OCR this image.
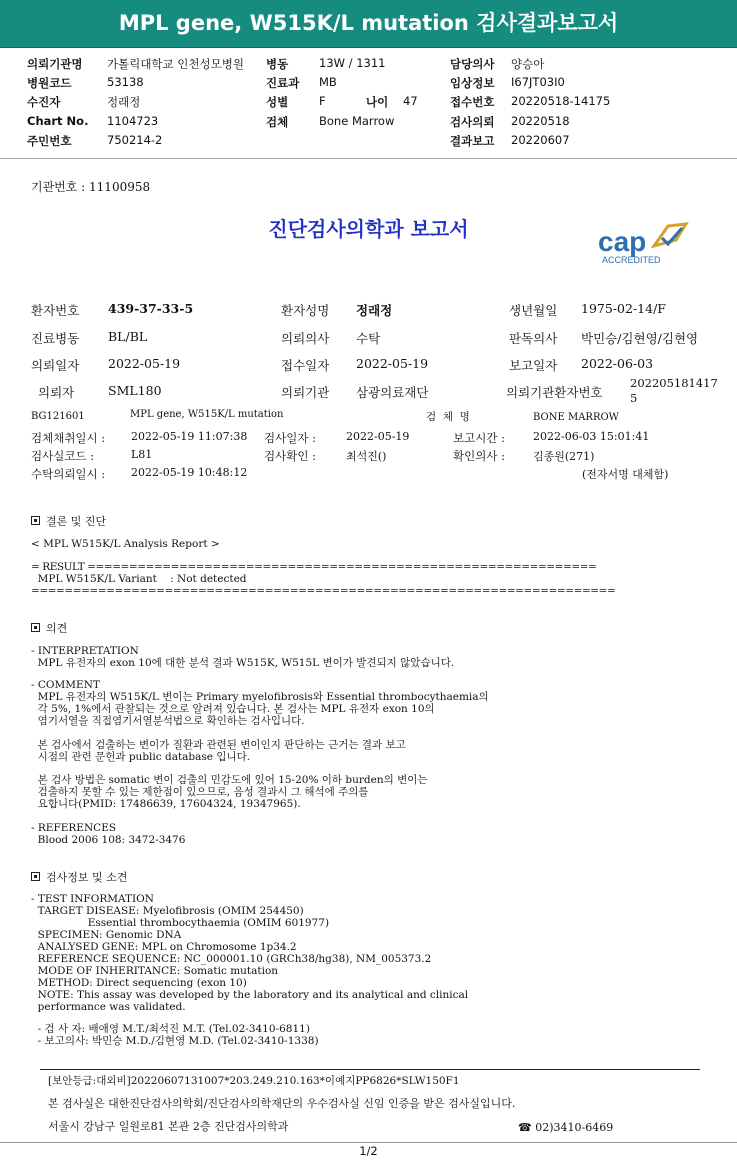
MPL gene, W515K/L mutation 검사결과보고서
의뢰기관명 가톨릭대학교 인천성모병원 병동	13W / 1311	담당의사 양승아
병원코드	53138	진료과 MB	임상정보 I67JT03I0
수진자	정래정	성별	F	나이 47	접수번호 20220518-14175
Chart No. 1104723	검체	Bone Marrow	검사의뢰 20220518
주민번호	750214-2	결과보고 20220607
기관번호 : 11100958
진단검사의학과 보고서	cap
ACCREDITED
환자번호 439-37-33-5	환자성명 정래정	생년월일 1975-02-14/F
진료병동 BL/BL	의뢰의사 수탁	판독의사 박민승/김현영/김현영
의뢰일자 2022-05-19	접수일자 2022-05-19	보고일자 2022-06-03
의뢰자	SML180	의뢰기관 삼광의료재단	의뢰기관환자번호
202205181417
5
BG121601	MPL gene, W515K/L mutation	검  체  명	BONE MARROW
검체채취일시 : 2022-05-19 11:07:38 검사일자 :	2022-05-19	보고시간 :	2022-06-03 15:01:41
검사실코드 :	L81	검사확인 :	최석진()	확인의사 :	김종원(271)
수탁의뢰일시 : 2022-05-19 10:48:12	(전자서명 대체함)
결론 및 진단
< MPL W515K/L Analysis Report >
= RESULT =============================================================
MPL W515K/L Variant    : Not detected
======================================================================
의견
- INTERPRETATION
MPL 유전자의 exon 10에 대한 분석 결과 W515K, W515L 변이가 발견되지 않았습니다.
- COMMENT
MPL 유전자의 W515K/L 변이는 Primary myelofibrosis와 Essential thrombocythaemia의
각 5%, 1%에서 관찰되는 것으로 알려져 있습니다. 본 검사는 MPL 유전자 exon 10의
염기서열을 직접염기서열분석법으로 확인하는 검사입니다.
본 검사에서 검출하는 변이가 질환과 관련된 변이인지 판단하는 근거는 결과 보고
시점의 관련 문헌과 public database 입니다.
본 검사 방법은 somatic 변이 검출의 민감도에 있어 15-20% 이하 burden의 변이는
검출하지 못할 수 있는 제한점이 있으므로, 음성 결과시 그 해석에 주의를
요합니다(PMID: 17486639, 17604324, 19347965).
- REFERENCES
Blood 2006 108: 3472-3476
검사정보 및 소견
- TEST INFORMATION
TARGET DISEASE: Myelofibrosis (OMIM 254450)
Essential thrombocythaemia (OMIM 601977)
SPECIMEN: Genomic DNA
ANALYSED GENE: MPL on Chromosome 1p34.2
REFERENCE SEQUENCE: NC_000001.10 (GRCh38/hg38), NM_005373.2
MODE OF INHERITANCE: Somatic mutation
METHOD: Direct sequencing (exon 10)
NOTE: This assay was developed by the laboratory and its analytical and clinical
performance was validated.
- 검 사 자: 배애영 M.T./최석진 M.T. (Tel.02-3410-6811)
- 보고의사: 박민승 M.D./김현영 M.D. (Tel.02-3410-1338)
[보안등급:대외비]20220607131007*203.249.210.163*이예지PP6826*SLW150F1
본 검사실은 대한진단검사의학회/진단검사의학재단의 우수검사실 신임 인증을 받은 검사실입니다.
서울시 강남구 일원로81 본관 2층 진단검사의학과	☎ 02)3410-6469
1/2
